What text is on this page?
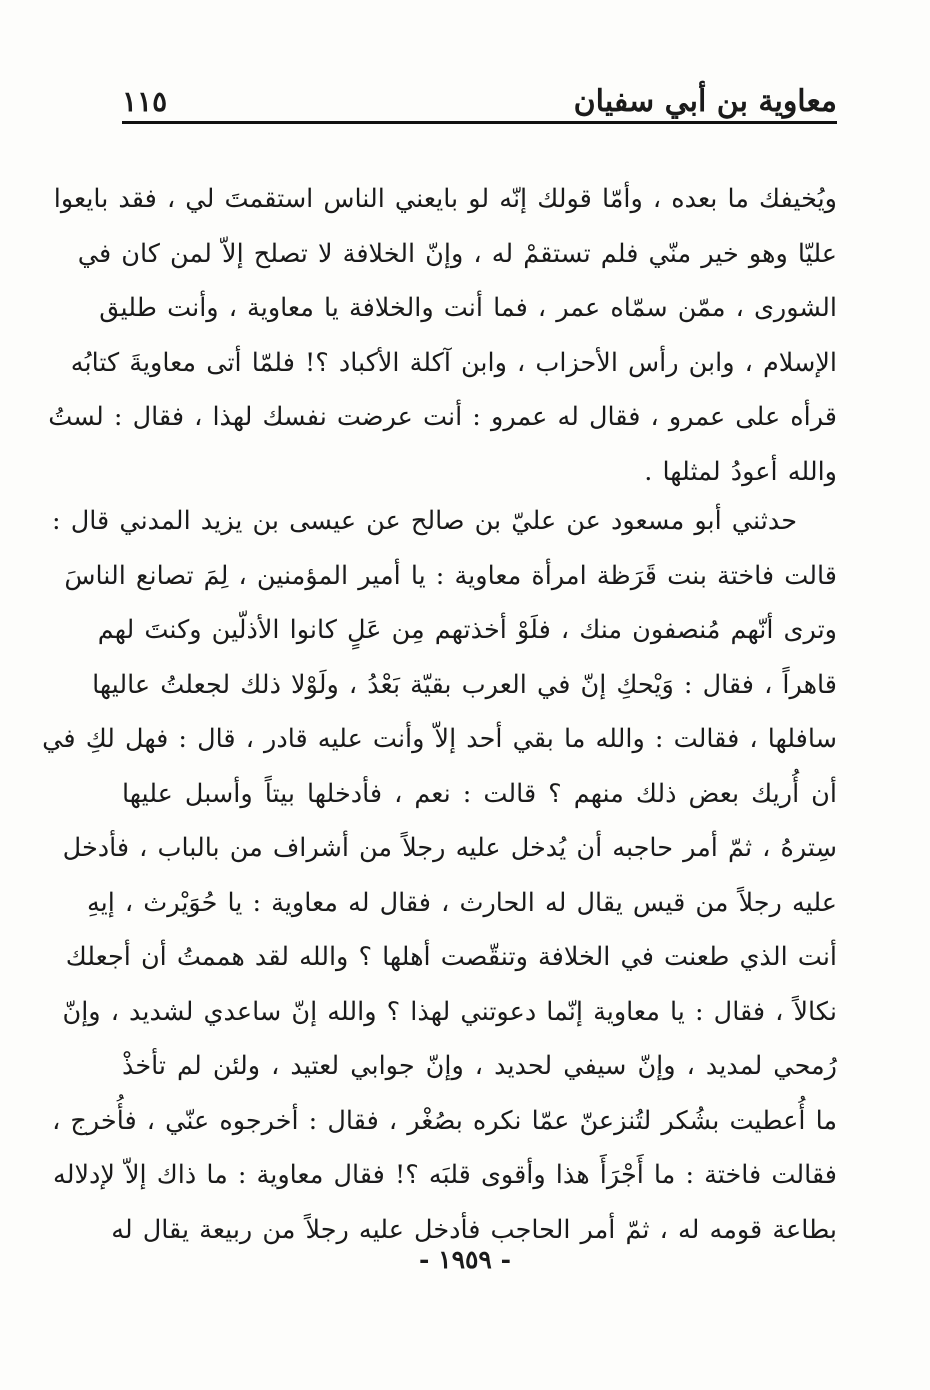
معاوية بن أبي سفيان
١١٥
ويُخيفك ما بعده ، وأمّا قولك إنّه لو بايعني الناس استقمتَ لي ، فقد بايعوا
عليّا وهو خير منّي فلم تستقمْ له ، وإنّ الخلافة لا تصلح إلاّ لمن كان في
الشورى ، ممّن سمّاه عمر ، فما أنت والخلافة يا معاوية ، وأنت طليق
الإسلام ، وابن رأس الأحزاب ، وابن آكلة الأكباد ؟! فلمّا أتى معاويةَ كتابُه
قرأه على عمرو ، فقال له عمرو : أنت عرضت نفسك لهذا ، فقال : لستُ
والله أعودُ لمثلها .
حدثني أبو مسعود عن عليّ بن صالح عن عيسى بن يزيد المدني قال :
قالت فاختة بنت قَرَظة امرأة معاوية : يا أمير المؤمنين ، لِمَ تصانع الناسَ
وترى أنّهم مُنصفون منك ، فلَوْ أخذتهم مِن عَلٍ كانوا الأذلّين وكنتَ لهم
قاهراً ، فقال : وَيْحكِ إنّ في العرب بقيّة بَعْدُ ، ولَوْلا ذلك لجعلتُ عاليها
سافلها ، فقالت : والله ما بقي أحد إلاّ وأنت عليه قادر ، قال : فهل لكِ في
أن أُريك بعض ذلك منهم ؟ قالت : نعم ، فأدخلها بيتاً وأسبل عليها
سِترهُ ، ثمّ أمر حاجبه أن يُدخل عليه رجلاً من أشراف من بالباب ، فأدخل
عليه رجلاً من قيس يقال له الحارث ، فقال له معاوية : يا حُوَيْرث ، إيهِ
أنت الذي طعنت في الخلافة وتنقّصت أهلها ؟ والله لقد هممتُ أن أجعلك
نكالاً ، فقال : يا معاوية إنّما دعوتني لهذا ؟ والله إنّ ساعدي لشديد ، وإنّ
رُمحي لمديد ، وإنّ سيفي لحديد ، وإنّ جوابي لعتيد ، ولئن لم تأخذْ
ما أُعطيت بشُكر لتُنزعنّ عمّا نكره بصُغْر ، فقال : أخرجوه عنّي ، فأُخرج ،
فقالت فاختة : ما أَجْرَأَ هذا وأقوى قلبَه ؟! فقال معاوية : ما ذاك إلاّ لإدلاله
بطاعة قومه له ، ثمّ أمر الحاجب فأدخل عليه رجلاً من ربيعة يقال له
- ١٩٥٩ -
